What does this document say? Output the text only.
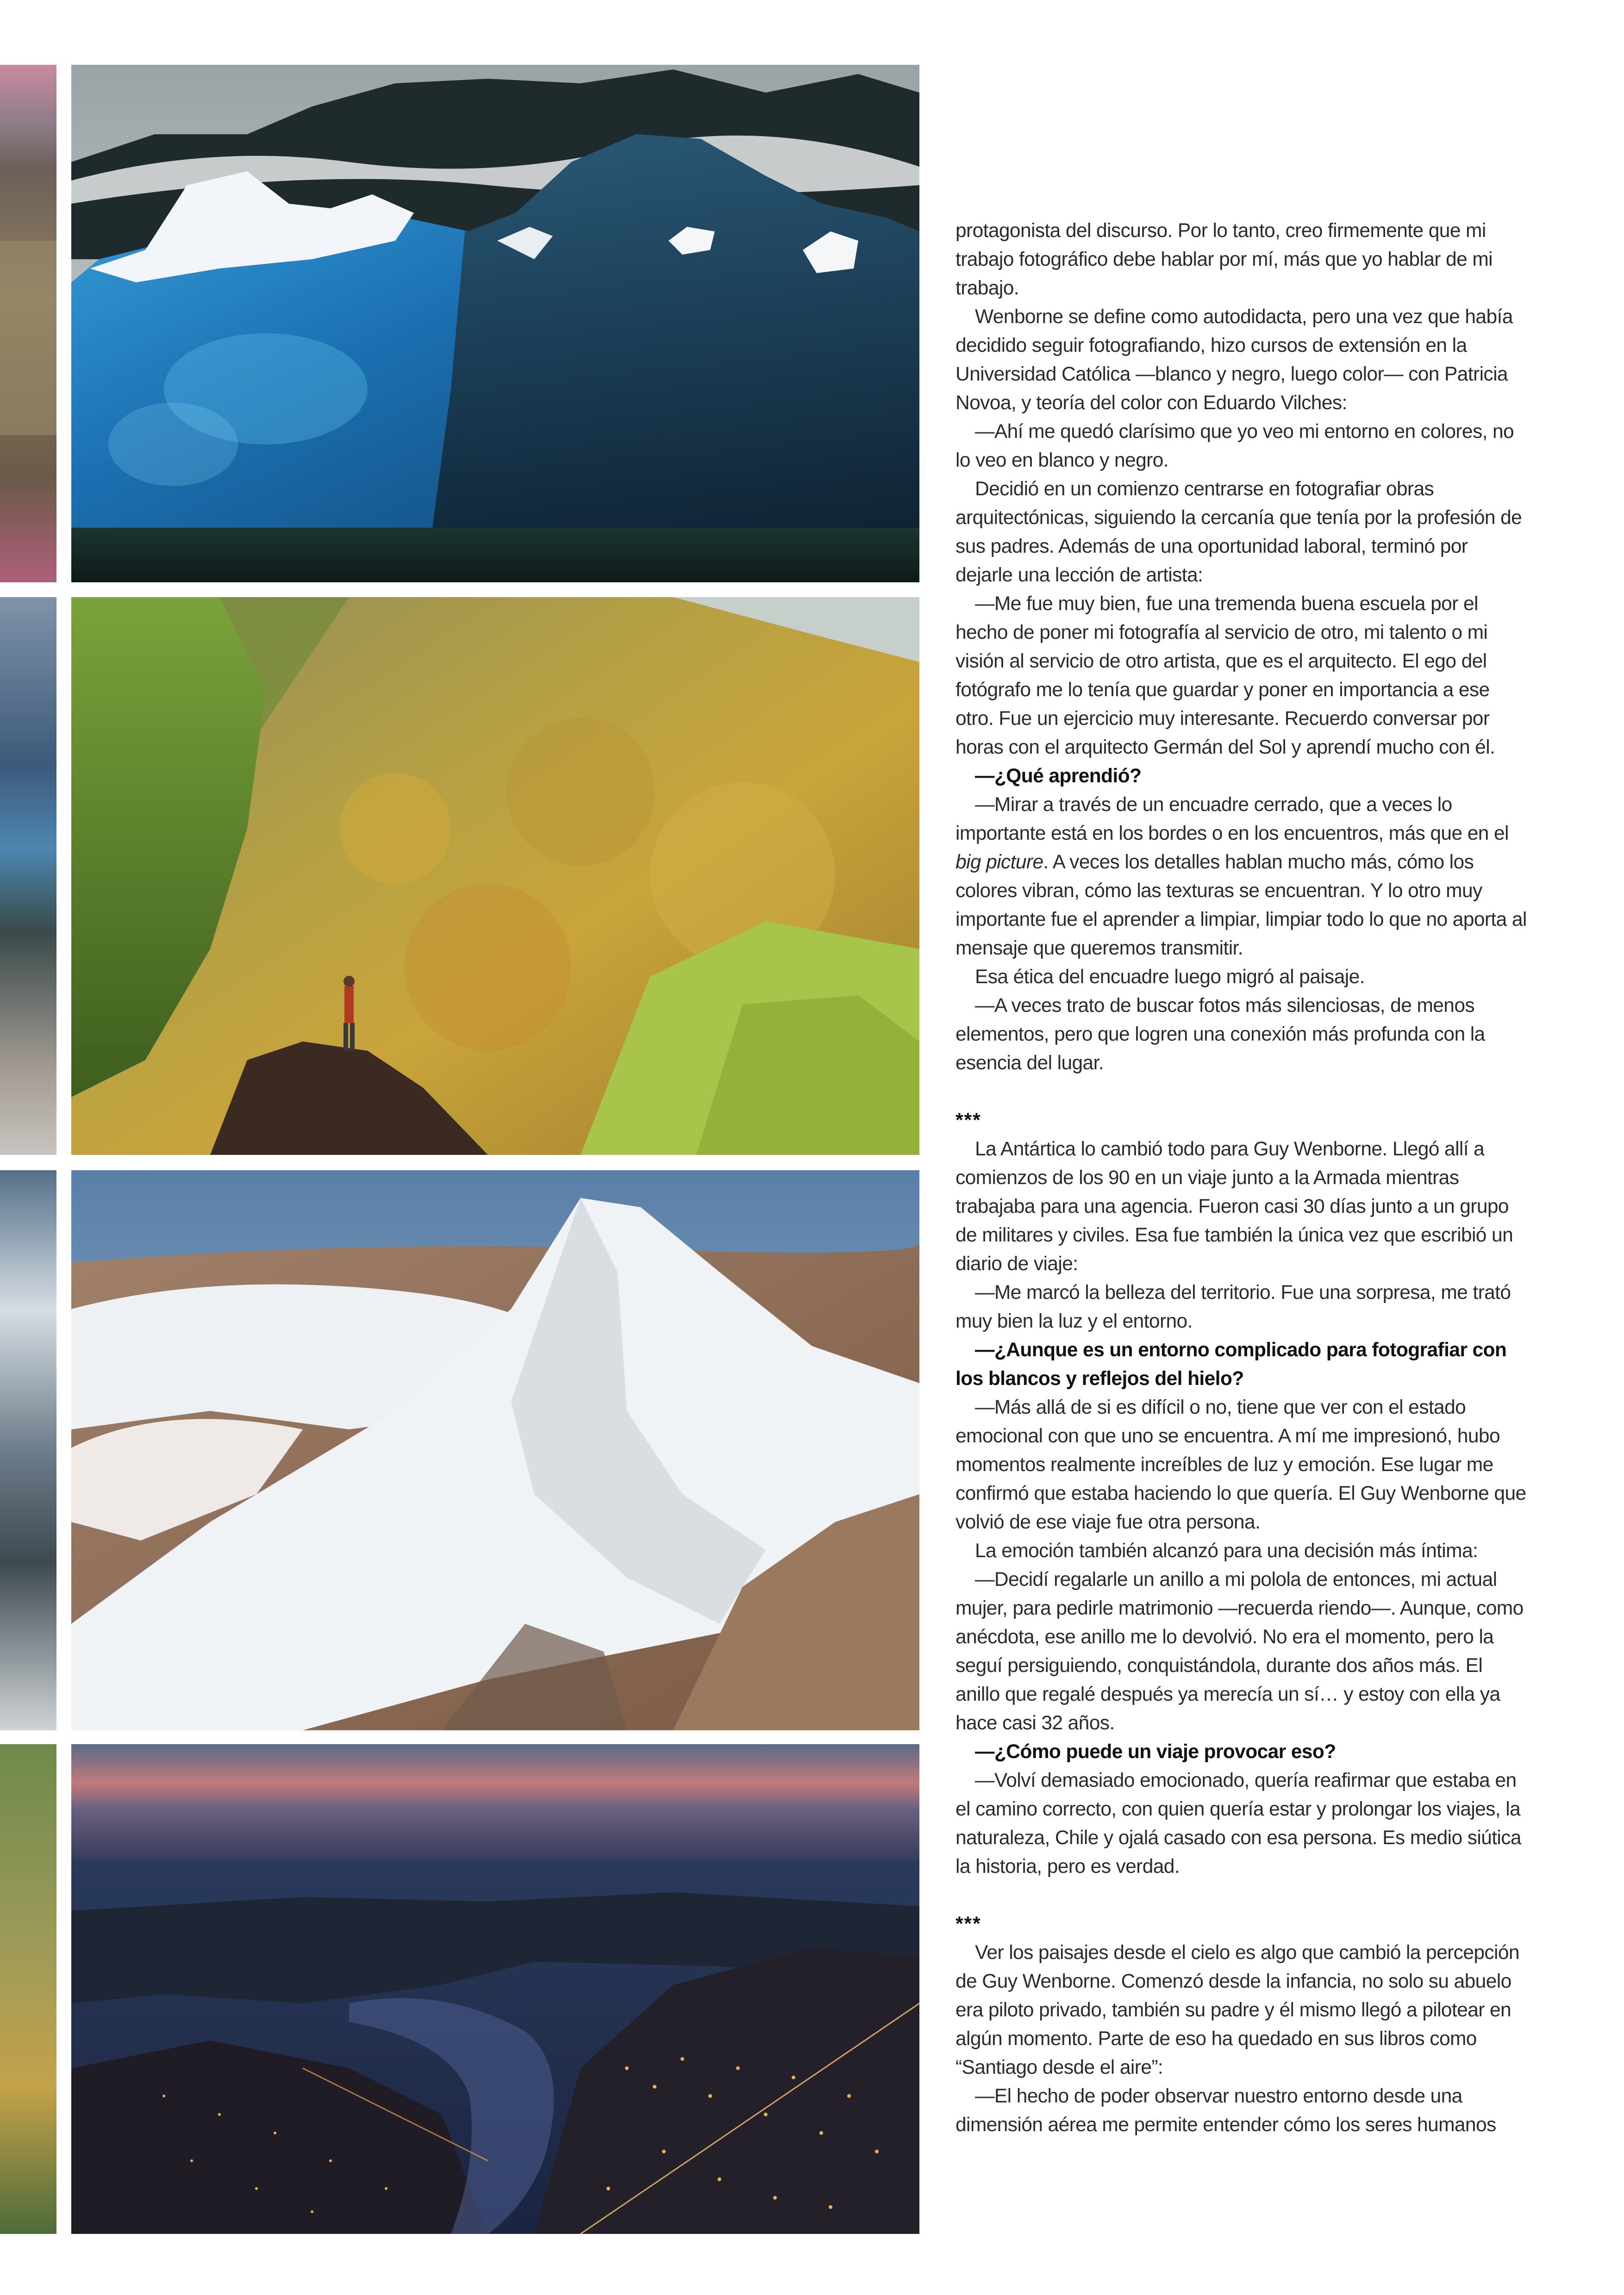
protagonista del discurso. Por lo tanto, creo firmemente que mi trabajo fotográfico debe hablar por mí, más que yo hablar de mi trabajo.

Wenborne se define como autodidacta, pero una vez que había decidido seguir fotografiando, hizo cursos de extensión en la Universidad Católica —blanco y negro, luego color— con Patricia Novoa, y teoría del color con Eduardo Vilches:

—Ahí me quedó clarísimo que yo veo mi entorno en colores, no lo veo en blanco y negro.

Decidió en un comienzo centrarse en fotografiar obras arquitectónicas, siguiendo la cercanía que tenía por la profesión de sus padres. Además de una oportunidad laboral, terminó por dejarle una lección de artista:

—Me fue muy bien, fue una tremenda buena escuela por el hecho de poner mi fotografía al servicio de otro, mi talento o mi visión al servicio de otro artista, que es el arquitecto. El ego del fotógrafo me lo tenía que guardar y poner en importancia a ese otro. Fue un ejercicio muy interesante. Recuerdo conversar por horas con el arquitecto Germán del Sol y aprendí mucho con él.

—¿Qué aprendió?

—Mirar a través de un encuadre cerrado, que a veces lo importante está en los bordes o en los encuentros, más que en el big picture. A veces los detalles hablan mucho más, cómo los colores vibran, cómo las texturas se encuentran. Y lo otro muy importante fue el aprender a limpiar, limpiar todo lo que no aporta al mensaje que queremos transmitir.

Esa ética del encuadre luego migró al paisaje.

—A veces trato de buscar fotos más silenciosas, de menos elementos, pero que logren una conexión más profunda con la esencia del lugar.

***

La Antártica lo cambió todo para Guy Wenborne. Llegó allí a comienzos de los 90 en un viaje junto a la Armada mientras trabajaba para una agencia. Fueron casi 30 días junto a un grupo de militares y civiles. Esa fue también la única vez que escribió un diario de viaje:

—Me marcó la belleza del territorio. Fue una sorpresa, me trató muy bien la luz y el entorno.

—¿Aunque es un entorno complicado para fotografiar con los blancos y reflejos del hielo?

—Más allá de si es difícil o no, tiene que ver con el estado emocional con que uno se encuentra. A mí me impresionó, hubo momentos realmente increíbles de luz y emoción. Ese lugar me confirmó que estaba haciendo lo que quería. El Guy Wenborne que volvió de ese viaje fue otra persona.

La emoción también alcanzó para una decisión más íntima:

—Decidí regalarle un anillo a mi polola de entonces, mi actual mujer, para pedirle matrimonio —recuerda riendo—. Aunque, como anécdota, ese anillo me lo devolvió. No era el momento, pero la seguí persiguiendo, conquistándola, durante dos años más. El anillo que regalé después ya merecía un sí… y estoy con ella ya hace casi 32 años.

—¿Cómo puede un viaje provocar eso?

—Volví demasiado emocionado, quería reafirmar que estaba en el camino correcto, con quien quería estar y prolongar los viajes, la naturaleza, Chile y ojalá casado con esa persona. Es medio siútica la historia, pero es verdad.

***

Ver los paisajes desde el cielo es algo que cambió la percepción de Guy Wenborne. Comenzó desde la infancia, no solo su abuelo era piloto privado, también su padre y él mismo llegó a pilotear en algún momento. Parte de eso ha quedado en sus libros como “Santiago desde el aire”:

—El hecho de poder observar nuestro entorno desde una dimensión aérea me permite entender cómo los seres humanos
